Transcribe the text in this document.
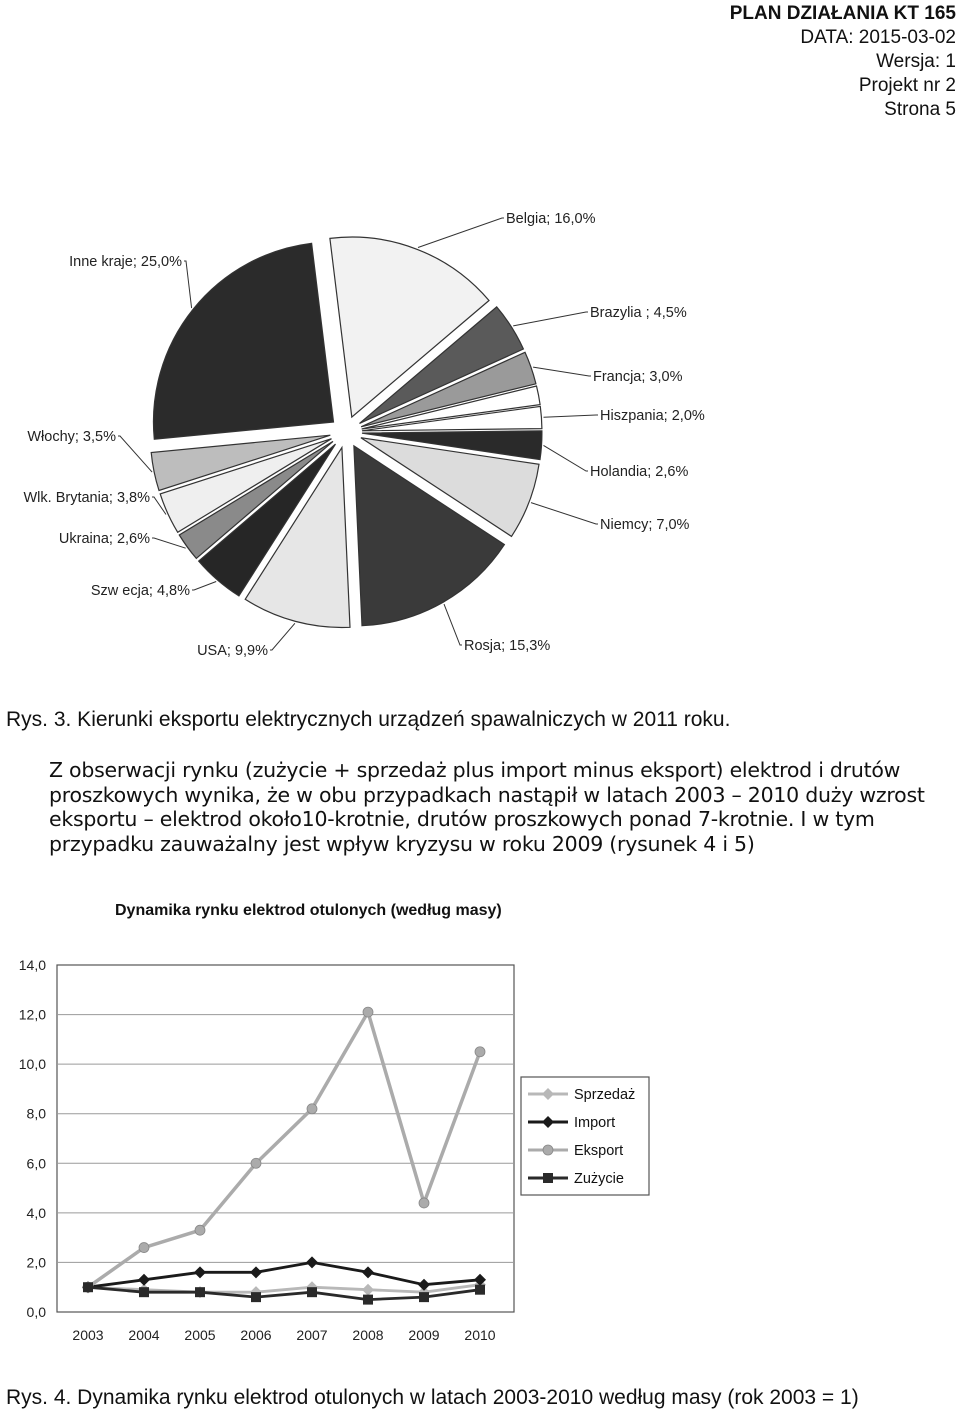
PLAN DZIAŁANIA KT 165
DATA: 2015-03-02
Wersja: 1
Projekt nr 2
Strona 5
Belgia; 16,0%
Brazylia ; 4,5%
Francja; 3,0%
Hiszpania; 2,0%
Holandia; 2,6%
Niemcy; 7,0%
Rosja; 15,3%
USA; 9,9%
Szw ecja; 4,8%
Ukraina; 2,6%
Wlk. Brytania; 3,8%
Włochy; 3,5%
Inne kraje; 25,0%
Rys. 3. Kierunki eksportu elektrycznych urządzeń spawalniczych w 2011 roku.
Z obserwacji rynku (zużycie + sprzedaż plus import minus eksport) elektrod i drutów
proszkowych wynika, że w obu przypadkach nastąpił w latach 2003 – 2010 duży wzrost
eksportu – elektrod około10-krotnie, drutów proszkowych ponad 7-krotnie. I w tym
przypadku zauważalny jest wpływ kryzysu w roku 2009 (rysunek 4 i 5)
Dynamika rynku elektrod otulonych (według masy)
0,0
2,0
4,0
6,0
8,0
10,0
12,0
14,0
2003 2004 2005 2006 2007 2008 2009 2010
Sprzedaż
Import
Eksport
Zużycie
Rys. 4. Dynamika rynku elektrod otulonych w latach 2003-2010 według masy (rok 2003 = 1)
